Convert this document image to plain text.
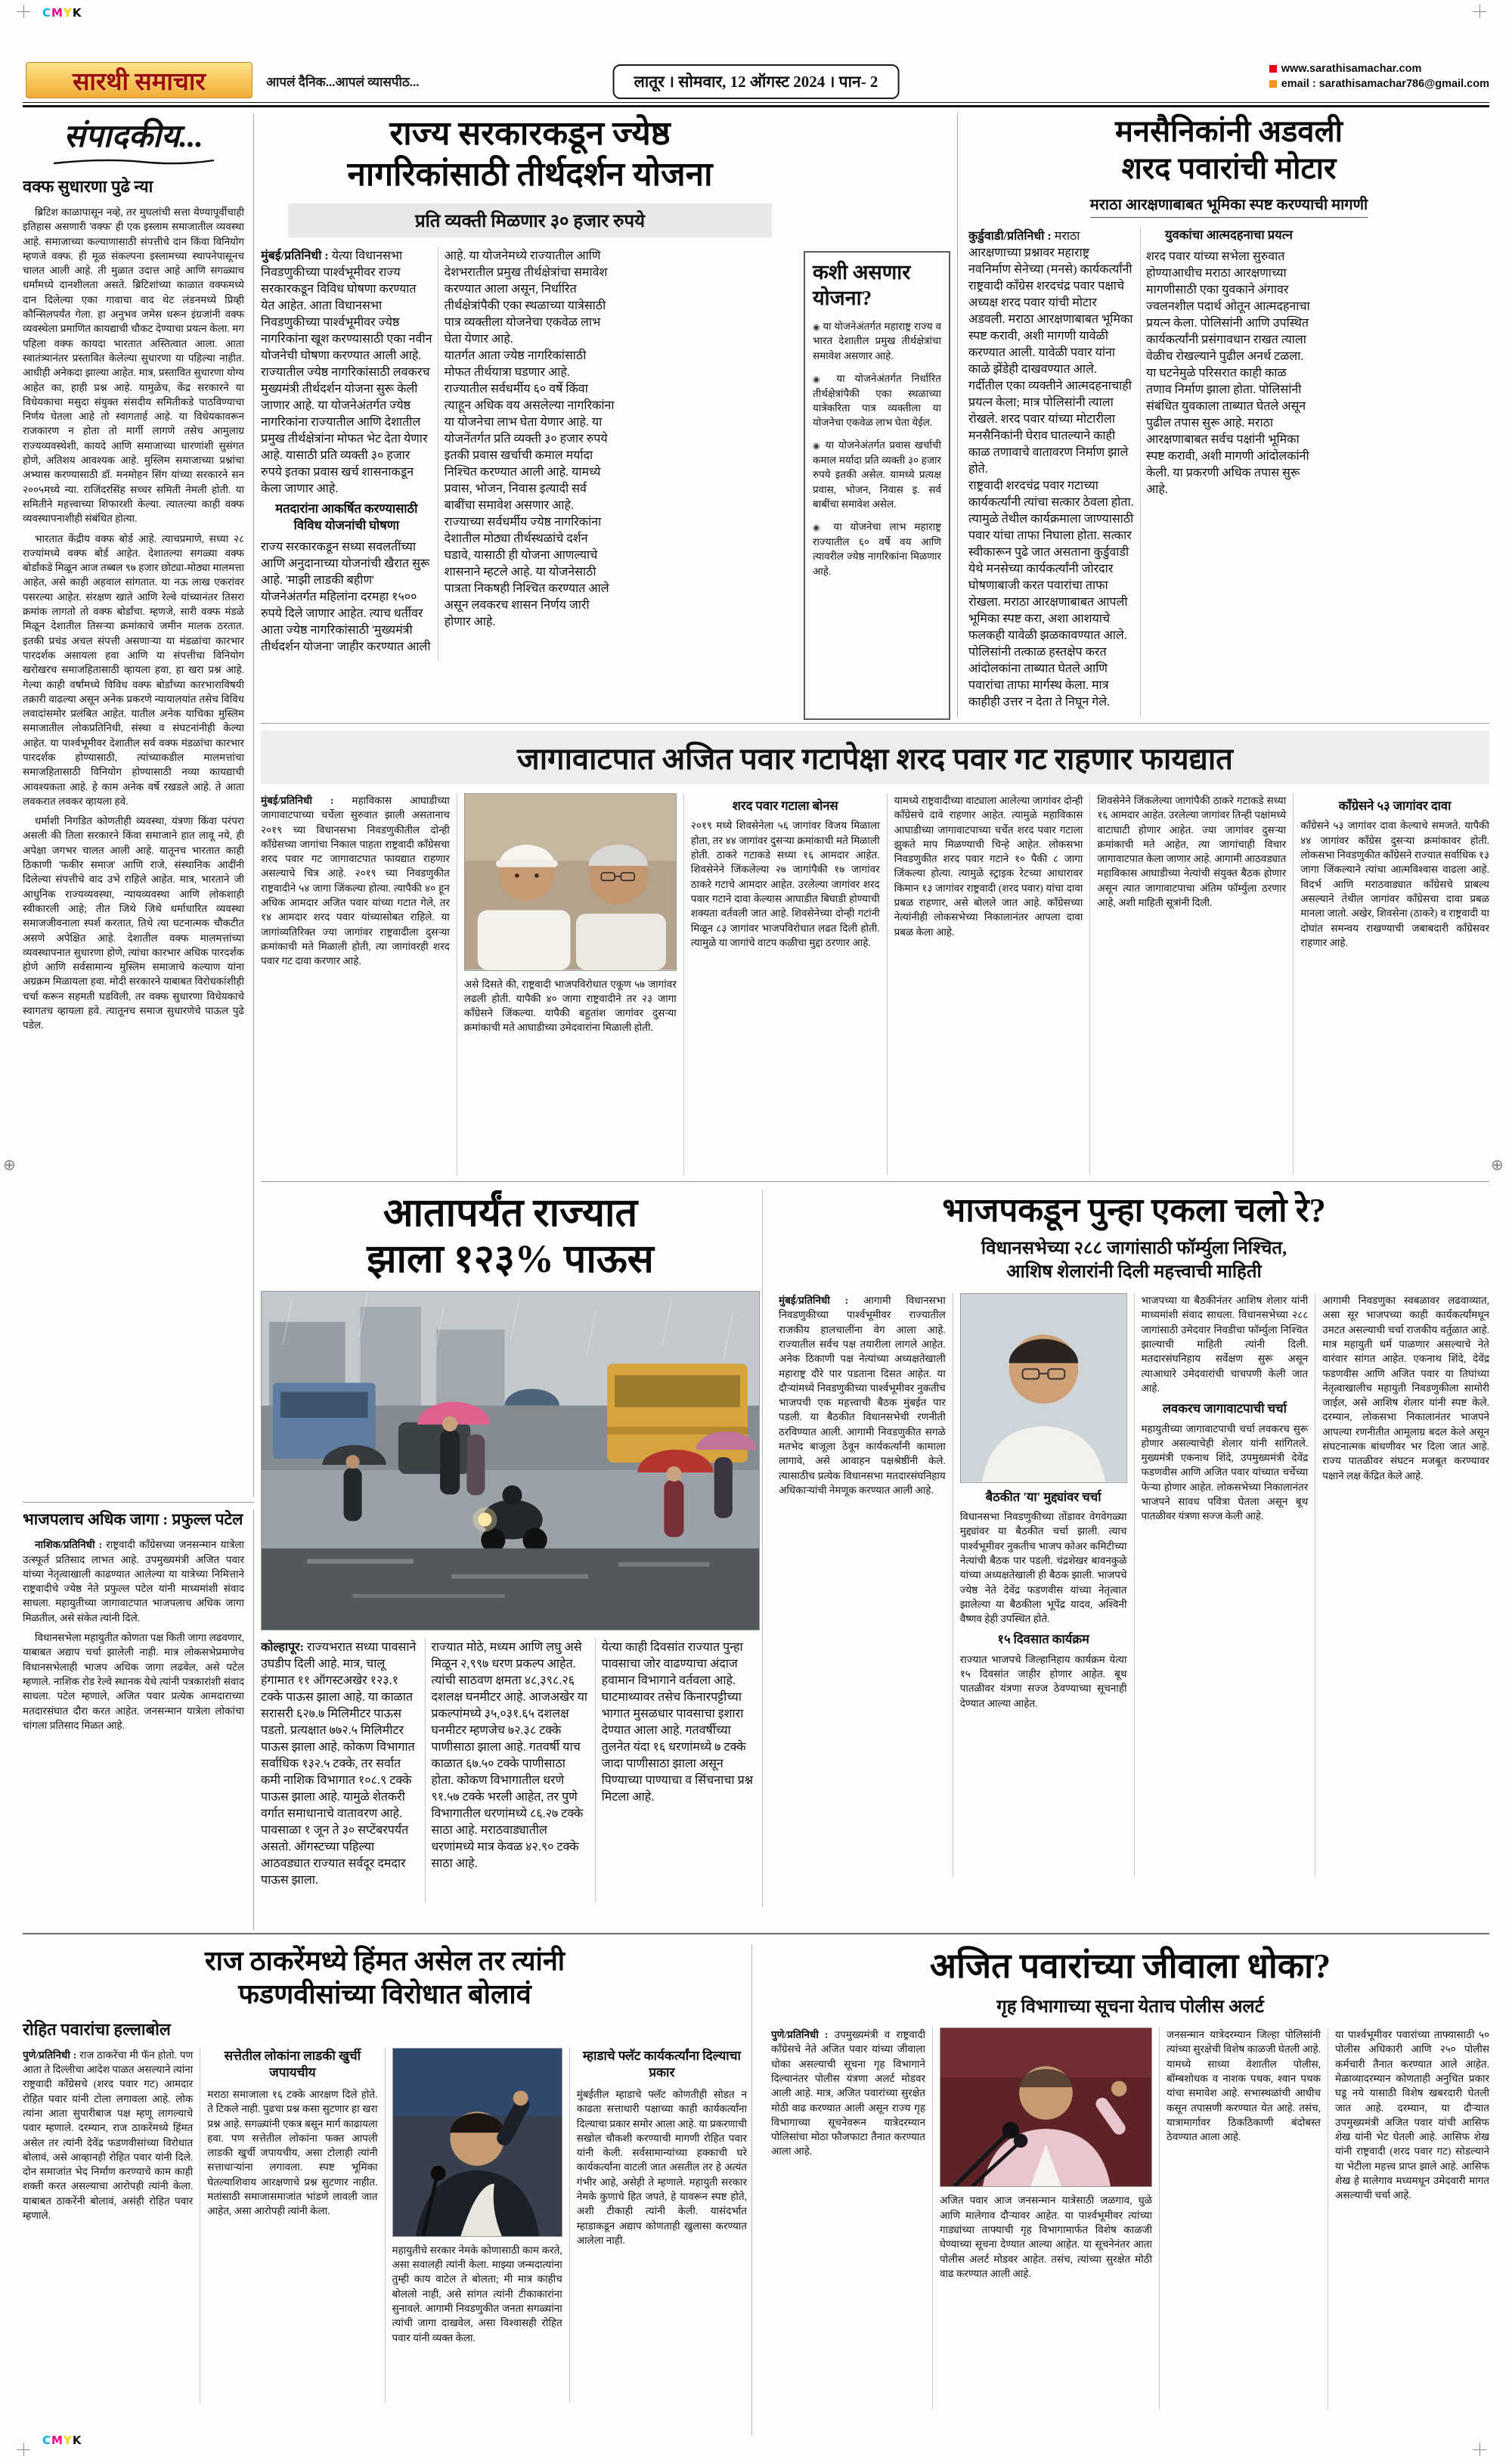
⊕
⊕
CMYK
सारथी समाचार	आपलं दैनिक...आपलं व्यासपीठ...	लातूर । सोमवार, 12 ऑगस्ट 2024 । पान- 2
www.sarathisamachar.com
email : sarathisamachar786@gmail.com
संपादकीय...
वक्फ सुधारणा पुढे न्या

ब्रिटिश काळापासून नव्हे, तर मुघलांची सत्ता येण्यापूर्वीचाही इतिहास असणारी 'वक्फ' ही एक इस्लाम समाजातील व्यवस्था आहे. समाजाच्या कल्याणासाठी संपत्तीचे दान किंवा विनियोग म्हणजे वक्फ. ही मूळ संकल्पना इस्लामच्या स्थापनेपासूनच चालत आली आहे. ती मुळात उदात्त आहे आणि सगळ्याच धर्मांमध्ये दानशीलता असते. ब्रिटिशांच्या काळात वक्फमध्ये दान दिलेल्या एका गावाचा वाद थेट लंडनमध्ये प्रिव्ही कौन्सिलपर्यंत गेला. हा अनुभव जमेस धरून इंग्रजांनी वक्फ व्यवस्थेला प्रमाणित कायद्याची चौकट देण्याचा प्रयत्न केला. मग पहिला वक्फ कायदा भारतात अस्तित्वात आला. आता स्वातंत्र्यानंतर प्रस्तावित केलेल्या सुधारणा या पहिल्या नाहीत. आधीही अनेकदा झाल्या आहेत. मात्र, प्रस्तावित सुधारणा योग्य आहेत का, हाही प्रश्न आहे. यामुळेच, केंद्र सरकारने या विधेयकाचा मसुदा संयुक्त संसदीय समितीकडे पाठविण्याचा निर्णय घेतला आहे तो स्वागतार्ह आहे. या विधेयकावरून राजकारण न होता तो मार्गी लागणे तसेच आमुलाग्र राज्यव्यवस्थेशी, कायदे आणि समाजाच्या धारणांशी सुसंगत होणे, अतिशय आवश्यक आहे. मुस्लिम समाजाच्या प्रश्नांचा अभ्यास करण्यासाठी डॉ. मनमोहन सिंग यांच्या सरकारने सन २००५मध्ये न्या. राजिंदरसिंह सच्चर समिती नेमली होती. या समितीने महत्त्वाच्या शिफारशी केल्या. त्यातल्या काही वक्फ व्यवस्थापनाशीही संबंधित होत्या.

भारतात केंद्रीय वक्फ बोर्ड आहे. त्याचप्रमाणे, सध्या २८ राज्यांमध्ये वक्फ बोर्ड आहेत. देशातल्या सगळ्या वक्फ बोर्डांकडे मिळून आज तब्बल ९७ हजार छोट्या-मोठ्या मालमत्ता आहेत, असे काही अहवाल सांगतात. या नऊ लाख एकरांवर पसरल्या आहेत. संरक्षण खाते आणि रेल्वे यांच्यानंतर तिसरा क्रमांक लागतो तो वक्फ बोर्डांचा. म्हणजे, सारी वक्फ मंडळे मिळून देशातील तिसऱ्या क्रमांकाचे जमीन मालक ठरतात. इतकी प्रचंड अचल संपत्ती असणाऱ्या या मंडळांचा कारभार पारदर्शक असायला हवा आणि या संपत्तीचा विनियोग खरोखरच समाजहितासाठी व्हायला हवा, हा खरा प्रश्न आहे. गेल्या काही वर्षांमध्ये विविध वक्फ बोर्डांच्या कारभाराविषयी तक्रारी वाढल्या असून अनेक प्रकरणे न्यायालयांत तसेच विविध लवादांसमोर प्रलंबित आहेत. यातील अनेक याचिका मुस्लिम समाजातील लोकप्रतिनिधी, संस्था व संघटनांनीही केल्या आहेत. या पार्श्वभूमीवर देशातील सर्व वक्फ मंडळांचा कारभार पारदर्शक होण्यासाठी, त्यांच्याकडील मालमत्तांचा समाजहितासाठी विनियोग होण्यासाठी नव्या कायद्याची आवश्यकता आहे. हे काम अनेक वर्षे रखडले आहे. ते आता लवकरात लवकर व्हायला हवे.

धर्माशी निगडित कोणतीही व्यवस्था, यंत्रणा किंवा परंपरा असली की तिला सरकारने किंवा समाजाने हात लावू नये, ही अपेक्षा जगभर चालत आली आहे. यातूनच भारतात काही ठिकाणी 'फकीर समाज' आणि राजे, संस्थानिक आदींनी दिलेल्या संपत्तीचे वाद उभे राहिले आहेत. मात्र, भारताने जी आधुनिक राज्यव्यवस्था, न्यायव्यवस्था आणि लोकशाही स्वीकारली आहे; तीत जिथे जिथे धर्माधारित व्यवस्था समाजजीवनाला स्पर्श करतात, तिथे त्या घटनात्मक चौकटीत असणे अपेक्षित आहे. देशातील वक्फ मालमत्तांच्या व्यवस्थापनात सुधारणा होणे, त्यांचा कारभार अधिक पारदर्शक होणे आणि सर्वसामान्य मुस्लिम समाजाचे कल्याण यांना अग्रक्रम मिळायला हवा. मोदी सरकारने याबाबत विरोधकांशीही चर्चा करून सहमती घडविली, तर वक्फ सुधारणा विधेयकाचे स्वागतच व्हायला हवे. त्यातूनच समाज सुधारणेचे पाऊल पुढे पडेल.

राज्य सरकारकडून ज्येष्ठ
नागरिकांसाठी तीर्थदर्शन योजना
प्रति व्यक्ती मिळणार ३० हजार रुपये

मुंबई/प्रतिनिधी : येत्या विधानसभा निवडणुकीच्या पार्श्वभूमीवर राज्य सरकारकडून विविध घोषणा करण्यात येत आहेत. आता विधानसभा निवडणुकीच्या पार्श्वभूमीवर ज्येष्ठ नागरिकांना खूश करण्यासाठी एका नवीन योजनेची घोषणा करण्यात आली आहे. राज्यातील ज्येष्ठ नागरिकांसाठी लवकरच मुख्यमंत्री तीर्थदर्शन योजना सुरू केली जाणार आहे. या योजनेअंतर्गत ज्येष्ठ नागरिकांना राज्यातील आणि देशातील प्रमुख तीर्थक्षेत्रांना मोफत भेट देता येणार आहे. यासाठी प्रति व्यक्ती ३० हजार रुपये इतका प्रवास खर्च शासनाकडून केला जाणार आहे.

मतदारांना आकर्षित करण्यासाठी विविध योजनांची घोषणा

राज्य सरकारकडून सध्या सवलतींच्या आणि अनुदानाच्या योजनांची खैरात सुरू आहे. 'माझी लाडकी बहीण' योजनेअंतर्गत महिलांना दरमहा १५०० रुपये दिले जाणार आहेत. त्याच धर्तीवर आता ज्येष्ठ नागरिकांसाठी 'मुख्यमंत्री तीर्थदर्शन योजना' जाहीर करण्यात आली आहे. या योजनेमध्ये राज्यातील आणि देशभरातील प्रमुख तीर्थक्षेत्रांचा समावेश करण्यात आला असून, निर्धारित तीर्थक्षेत्रांपैकी एका स्थळाच्या यात्रेसाठी पात्र व्यक्तीला योजनेचा एकवेळ लाभ घेता येणार आहे.

यातर्गत आता ज्येष्ठ नागरिकांसाठी मोफत तीर्थयात्रा घडणार आहे. राज्यातील सर्वधर्मीय ६० वर्षे किंवा त्याहून अधिक वय असलेल्या नागरिकांना या योजनेचा लाभ घेता येणार आहे. या योजनेंतर्गत प्रति व्यक्ती ३० हजार रुपये इतकी प्रवास खर्चाची कमाल मर्यादा निश्चित करण्यात आली आहे. यामध्ये प्रवास, भोजन, निवास इत्यादी सर्व बाबींचा समावेश असणार आहे. राज्याच्या सर्वधर्मीय ज्येष्ठ नागरिकांना देशातील मोठ्या तीर्थस्थळांचे दर्शन घडावे, यासाठी ही योजना आणल्याचे शासनाने म्हटले आहे. या योजनेसाठी पात्रता निकषही निश्चित करण्यात आले असून लवकरच शासन निर्णय जारी होणार आहे.

कशी असणार योजना?
◉ या योजनेअंतर्गत महाराष्ट्र राज्य व भारत देशातील प्रमुख तीर्थक्षेत्रांचा समावेश असणार आहे.
◉ या योजनेअंतर्गत निर्धारित तीर्थक्षेत्रांपैकी एका स्थळाच्या यात्रेकरिता पात्र व्यक्तीला या योजनेचा एकवेळ लाभ घेता येईल.
◉ या योजनेअंतर्गत प्रवास खर्चाची कमाल मर्यादा प्रति व्यक्ती ३० हजार रुपये इतकी असेल. यामध्ये प्रत्यक्ष प्रवास, भोजन, निवास इ. सर्व बाबींचा समावेश असेल.
◉ या योजनेचा लाभ महाराष्ट्र राज्यातील ६० वर्षे वय आणि त्यावरील ज्येष्ठ नागरिकांना मिळणार आहे.
मनसैनिकांनी अडवली
शरद पवारांची मोटार
मराठा आरक्षणाबाबत भूमिका स्पष्ट करण्याची मागणी

कुर्डुवाडी/प्रतिनिधी : मराठा आरक्षणाच्या प्रश्नावर महाराष्ट्र नवनिर्माण सेनेच्या (मनसे) कार्यकर्त्यांनी राष्ट्रवादी काँग्रेस शरदचंद्र पवार पक्षाचे अध्यक्ष शरद पवार यांची मोटार अडवली. मराठा आरक्षणाबाबत भूमिका स्पष्ट करावी, अशी मागणी यावेळी करण्यात आली. यावेळी पवार यांना काळे झेंडेही दाखवण्यात आले. गर्दीतील एका व्यक्तीने आत्मदहनाचाही प्रयत्न केला; मात्र पोलिसांनी त्याला रोखले. शरद पवार यांच्या मोटारीला मनसैनिकांनी घेराव घातल्याने काही काळ तणावाचे वातावरण निर्माण झाले होते.

राष्ट्रवादी शरदचंद्र पवार गटाच्या कार्यकर्त्यांनी त्यांचा सत्कार ठेवला होता. त्यामुळे तेथील कार्यक्रमाला जाण्यासाठी पवार यांचा ताफा निघाला होता. सत्कार स्वीकारून पुढे जात असताना कुर्डुवाडी येथे मनसेच्या कार्यकर्त्यांनी जोरदार घोषणाबाजी करत पवारांचा ताफा रोखला. मराठा आरक्षणाबाबत आपली भूमिका स्पष्ट करा, अशा आशयाचे फलकही यावेळी झळकावण्यात आले. पोलिसांनी तत्काळ हस्तक्षेप करत आंदोलकांना ताब्यात घेतले आणि पवारांचा ताफा मार्गस्थ केला. मात्र काहीही उत्तर न देता ते निघून गेले.

युवकांचा आत्मदहनाचा प्रयत्न

शरद पवार यांच्या सभेला सुरुवात होण्याआधीच मराठा आरक्षणाच्या मागणीसाठी एका युवकाने अंगावर ज्वलनशील पदार्थ ओतून आत्मदहनाचा प्रयत्न केला. पोलिसांनी आणि उपस्थित कार्यकर्त्यांनी प्रसंगावधान राखत त्याला वेळीच रोखल्याने पुढील अनर्थ टळला. या घटनेमुळे परिसरात काही काळ तणाव निर्माण झाला होता. पोलिसांनी संबंधित युवकाला ताब्यात घेतले असून पुढील तपास सुरू आहे. मराठा आरक्षणाबाबत सर्वच पक्षांनी भूमिका स्पष्ट करावी, अशी मागणी आंदोलकांनी केली. या प्रकरणी अधिक तपास सुरू आहे.

जागावाटपात अजित पवार गटापेक्षा शरद पवार गट राहणार फायद्यात

मुंबई/प्रतिनिधी : महाविकास आघाडीच्या जागावाटपाच्या चर्चेला सुरुवात झाली असतानाच २०१९ च्या विधानसभा निवडणुकीतील दोन्ही काँग्रेसच्या जागांचा निकाल पाहता राष्ट्रवादी काँग्रेसचा शरद पवार गट जागावाटपात फायद्यात राहणार असल्याचे चित्र आहे. २०१९ च्या निवडणुकीत राष्ट्रवादीने ५४ जागा जिंकल्या होत्या. त्यापैकी ४० हून अधिक आमदार अजित पवार यांच्या गटात गेले, तर १४ आमदार शरद पवार यांच्यासोबत राहिले. या जागांव्यतिरिक्त ज्या जागांवर राष्ट्रवादीला दुसऱ्या क्रमांकाची मते मिळाली होती, त्या जागांवरही शरद पवार गट दावा करणार आहे.

असे दिसते की, राष्ट्रवादी भाजपविरोधात एकूण ५७ जागांवर लढली होती. यापैकी ४० जागा राष्ट्रवादीने तर २३ जागा काँग्रेसने जिंकल्या. यापैकी बहुतांश जागांवर दुसऱ्या क्रमांकाची मते आघाडीच्या उमेदवारांना मिळाली होती.

शरद पवार गटाला बोनस

२०१९ मध्ये शिवसेनेला ५६ जागांवर विजय मिळाला होता, तर ४४ जागांवर दुसऱ्या क्रमांकाची मते मिळाली होती. ठाकरे गटाकडे सध्या १६ आमदार आहेत. शिवसेनेने जिंकलेल्या २७ जागांपैकी १७ जागांवर ठाकरे गटाचे आमदार आहेत. उरलेल्या जागांवर शरद पवार गटाने दावा केल्यास आघाडीत बिघाडी होण्याची शक्यता वर्तवली जात आहे. शिवसेनेच्या दोन्ही गटांनी मिळून ८३ जागांवर भाजपविरोधात लढत दिली होती. त्यामुळे या जागांचे वाटप कळीचा मुद्दा ठरणार आहे.

यामध्ये राष्ट्रवादीच्या वाट्याला आलेल्या जागांवर दोन्ही काँग्रेसचे दावे राहणार आहेत. त्यामुळे महाविकास आघाडीच्या जागावाटपाच्या चर्चेत शरद पवार गटाला झुकते माप मिळण्याची चिन्हे आहेत. लोकसभा निवडणुकीत शरद पवार गटाने १० पैकी ८ जागा जिंकल्या होत्या. त्यामुळे स्ट्राइक रेटच्या आधारावर किमान १३ जागांवर राष्ट्रवादी (शरद पवार) यांचा दावा प्रबळ राहणार, असे बोलले जात आहे. काँग्रेसच्या नेत्यांनीही लोकसभेच्या निकालानंतर आपला दावा प्रबळ केला आहे.

शिवसेनेने जिंकलेल्या जागांपैकी ठाकरे गटाकडे सध्या १६ आमदार आहेत. उरलेल्या जागांवर तिन्ही पक्षांमध्ये वाटाघाटी होणार आहेत. ज्या जागांवर दुसऱ्या क्रमांकाची मते आहेत, त्या जागांचाही विचार जागावाटपात केला जाणार आहे. आगामी आठवड्यात महाविकास आघाडीच्या नेत्यांची संयुक्त बैठक होणार असून त्यात जागावाटपाचा अंतिम फॉर्म्युला ठरणार आहे, अशी माहिती सूत्रांनी दिली.

कॉंग्रेसने ५३ जागांवर दावा

कॉंग्रेसने ५३ जागांवर दावा केल्याचे समजते. यापैकी ४४ जागांवर काँग्रेस दुसऱ्या क्रमांकावर होती. लोकसभा निवडणुकीत काँग्रेसने राज्यात सर्वाधिक १३ जागा जिंकल्याने त्यांचा आत्मविश्वास वाढला आहे. विदर्भ आणि मराठवाड्यात काँग्रेसचे प्राबल्य असल्याने तेथील जागांवर काँग्रेसचा दावा प्रबळ मानला जातो. अखेर, शिवसेना (ठाकरे) व राष्ट्रवादी या दोघांत समन्वय राखण्याची जबाबदारी काँग्रेसवर राहणार आहे.

आतापर्यंत राज्यात
झाला १२३% पाऊस

कोल्हापूर: राज्यभरात सध्या पावसाने उघडीप दिली आहे. मात्र, चालू हंगामात ११ ऑगस्टअखेर १२३.१ टक्के पाऊस झाला आहे. या काळात सरासरी ६२७.७ मिलिमीटर पाऊस पडतो. प्रत्यक्षात ७७२.५ मिलिमीटर पाऊस झाला आहे. कोकण विभागात सर्वाधिक १३२.५ टक्के, तर सर्वात कमी नाशिक विभागात १०८.९ टक्के पाऊस झाला आहे. यामुळे शेतकरी वर्गात समाधानाचे वातावरण आहे. पावसाळा १ जून ते ३० सप्टेंबरपर्यंत असतो. ऑगस्टच्या पहिल्या आठवड्यात राज्यात सर्वदूर दमदार पाऊस झाला.

राज्यात मोठे, मध्यम आणि लघु असे मिळून २,९९७ धरण प्रकल्प आहेत. त्यांची साठवण क्षमता ४८,३९८.२६ दशलक्ष घनमीटर आहे. आजअखेर या प्रकल्पांमध्ये ३५,०३१.६५ दशलक्ष घनमीटर म्हणजेच ७२.३८ टक्के पाणीसाठा झाला आहे. गतवर्षी याच काळात ६७.५० टक्के पाणीसाठा होता. कोकण विभागातील धरणे ९१.५७ टक्के भरली आहेत, तर पुणे विभागातील धरणांमध्ये ८६.२७ टक्के साठा आहे. मराठवाड्यातील धरणांमध्ये मात्र केवळ ४२.९० टक्के साठा आहे.

येत्या काही दिवसांत राज्यात पुन्हा पावसाचा जोर वाढण्याचा अंदाज हवामान विभागाने वर्तवला आहे. घाटमाथ्यावर तसेच किनारपट्टीच्या भागात मुसळधार पावसाचा इशारा देण्यात आला आहे. गतवर्षीच्या तुलनेत यंदा १६ धरणांमध्ये ७ टक्के जादा पाणीसाठा झाला असून पिण्याच्या पाण्याचा व सिंचनाचा प्रश्न मिटला आहे.

भाजपकडून पुन्हा एकला चलो रे?
विधानसभेच्या २८८ जागांसाठी फॉर्म्युला निश्चित,
आशिष शेलारांनी दिली महत्त्वाची माहिती

मुंबई/प्रतिनिधी : आगामी विधानसभा निवडणुकीच्या पार्श्वभूमीवर राज्यातील राजकीय हालचालींना वेग आला आहे. राज्यातील सर्वच पक्ष तयारीला लागले आहेत. अनेक ठिकाणी पक्ष नेत्यांच्या अध्यक्षतेखाली महाराष्ट्र दौरे पार पडताना दिसत आहेत. या दौऱ्यांमध्ये निवडणुकीच्या पार्श्वभूमीवर नुकतीच भाजपची एक महत्त्वाची बैठक मुंबईत पार पडली. या बैठकीत विधानसभेची रणनीती ठरविण्यात आली. आगामी निवडणुकीत सगळे मतभेद बाजूला ठेवून कार्यकर्त्यांनी कामाला लागावे, असे आवाहन पक्षश्रेष्ठींनी केले. त्यासाठीच प्रत्येक विधानसभा मतदारसंघनिहाय अधिकाऱ्यांची नेमणूक करण्यात आली आहे.	बैठकीत 'या' मुद्द्यांवर चर्चा

विधानसभा निवडणुकीच्या तोंडावर वेगवेगळ्या मुद्द्यांवर या बैठकीत चर्चा झाली. त्याच पार्श्वभूमीवर नुकतीच भाजप कोअर कमिटीच्या नेत्यांची बैठक पार पडली. चंद्रशेखर बावनकुळे यांच्या अध्यक्षतेखाली ही बैठक झाली. भाजपचे ज्येष्ठ नेते देवेंद्र फडणवीस यांच्या नेतृत्वात झालेल्या या बैठकीला भूपेंद्र यादव, अश्विनी वैष्णव हेही उपस्थित होते.

१५ दिवसात कार्यक्रम

राज्यात भाजपचे जिल्हानिहाय कार्यक्रम येत्या १५ दिवसांत जाहीर होणार आहेत. बूथ पातळीवर यंत्रणा सज्ज ठेवण्याच्या सूचनाही देण्यात आल्या आहेत.

भाजपच्या या बैठकीनंतर आशिष शेलार यांनी माध्यमांशी संवाद साधला. विधानसभेच्या २८८ जागांसाठी उमेदवार निवडीचा फॉर्म्युला निश्चित झाल्याची माहिती त्यांनी दिली. मतदारसंघनिहाय सर्वेक्षण सुरू असून त्याआधारे उमेदवारांची चाचपणी केली जात आहे.

लवकरच जागावाटपाची चर्चा

महायुतीच्या जागावाटपाची चर्चा लवकरच सुरू होणार असल्याचेही शेलार यांनी सांगितले. मुख्यमंत्री एकनाथ शिंदे, उपमुख्यमंत्री देवेंद्र फडणवीस आणि अजित पवार यांच्यात चर्चेच्या फेऱ्या होणार आहेत. लोकसभेच्या निकालानंतर भाजपने सावध पवित्रा घेतला असून बूथ पातळीवर यंत्रणा सज्ज केली आहे.

आगामी निवडणुका स्वबळावर लढवाव्यात, असा सूर भाजपच्या काही कार्यकर्त्यांमधून उमटत असल्याची चर्चा राजकीय वर्तुळात आहे. मात्र महायुती धर्म पाळणार असल्याचे नेते वारंवार सांगत आहेत. एकनाथ शिंदे, देवेंद्र फडणवीस आणि अजित पवार या तिघांच्या नेतृत्वाखालीच महायुती निवडणुकीला सामोरी जाईल, असे आशिष शेलार यांनी स्पष्ट केले. दरम्यान, लोकसभा निकालानंतर भाजपने आपल्या रणनीतीत आमूलाग्र बदल केले असून संघटनात्मक बांधणीवर भर दिला जात आहे. राज्य पातळीवर संघटन मजबूत करण्यावर पक्षाने लक्ष केंद्रित केले आहे.

भाजपलाच अधिक जागा : प्रफुल्ल पटेल

नाशिक/प्रतिनिधी : राष्ट्रवादी काँग्रेसच्या जनसन्मान यात्रेला उत्स्फूर्त प्रतिसाद लाभत आहे. उपमुख्यमंत्री अजित पवार यांच्या नेतृत्वाखाली काढण्यात आलेल्या या यात्रेच्या निमित्ताने राष्ट्रवादीचे ज्येष्ठ नेते प्रफुल्ल पटेल यांनी माध्यमांशी संवाद साधला. महायुतीच्या जागावाटपात भाजपलाच अधिक जागा मिळतील, असे संकेत त्यांनी दिले.

विधानसभेला महायुतीत कोणता पक्ष किती जागा लढवणार, याबाबत अद्याप चर्चा झालेली नाही. मात्र लोकसभेप्रमाणेच विधानसभेलाही भाजप अधिक जागा लढवेल, असे पटेल म्हणाले. नाशिक रोड रेल्वे स्थानक येथे त्यांनी पत्रकारांशी संवाद साधला. पटेल म्हणाले, अजित पवार प्रत्येक आमदाराच्या मतदारसंघात दौरा करत आहेत. जनसन्मान यात्रेला लोकांचा चांगला प्रतिसाद मिळत आहे.

राज ठाकरेंमध्ये हिंमत असेल तर त्यांनी
फडणवीसांच्या विरोधात बोलावं
रोहित पवारांचा हल्लाबोल

पुणे/प्रतिनिधी : राज ठाकरेंचा मी फॅन होतो. पण आता ते दिल्लीचा आदेश पाळत असल्याने त्यांना राष्ट्रवादी काँग्रेसचे (शरद पवार गट) आमदार रोहित पवार यांनी टोला लगावला आहे. लोक त्यांना आता सुपारीबाज पक्ष म्हणू लागल्याचे पवार म्हणाले. दरम्यान, राज ठाकरेंमध्ये हिंमत असेल तर त्यांनी देवेंद्र फडणवीसांच्या विरोधात बोलावं, असे आव्हानही रोहित पवार यांनी दिले. दोन समाजांत भेद निर्माण करण्याचे काम काही शक्ती करत असल्याचा आरोपही त्यांनी केला. याबाबत ठाकरेंनी बोलावं, असंही रोहित पवार म्हणाले.

सत्तेतील लोकांना लाडकी खुर्ची जपायचीय

मराठा समाजाला १६ टक्के आरक्षण दिले होते. ते टिकले नाही. पुढचा प्रश्न कसा सुटणार हा खरा प्रश्न आहे. सगळ्यांनी एकत्र बसून मार्ग काढायला हवा. पण सत्तेतील लोकांना फक्त आपली लाडकी खुर्ची जपायचीय, असा टोलाही त्यांनी सत्ताधाऱ्यांना लगावला. स्पष्ट भूमिका घेतल्याशिवाय आरक्षणाचे प्रश्न सुटणार नाहीत. मतांसाठी समाजासमाजांत भांडणे लावली जात आहेत, असा आरोपही त्यांनी केला.

महायुतीचे सरकार नेमके कोणासाठी काम करते, असा सवालही त्यांनी केला. माझ्या जन्मदात्यांना तुम्ही काय वाटेल ते बोलता; मी मात्र काहीच बोललो नाही, असे सांगत त्यांनी टीकाकारांना सुनावले. आगामी निवडणुकीत जनता सगळ्यांना त्यांची जागा दाखवेल, असा विश्वासही रोहित पवार यांनी व्यक्त केला.

म्हाडाचे फ्लॅट कार्यकर्त्यांना दिल्याचा प्रकार

मुंबईतील म्हाडाचे फ्लॅट कोणतीही सोडत न काढता सत्ताधारी पक्षाच्या काही कार्यकर्त्यांना दिल्याचा प्रकार समोर आला आहे. या प्रकरणाची सखोल चौकशी करण्याची मागणी रोहित पवार यांनी केली. सर्वसामान्यांच्या हक्काची घरे कार्यकर्त्यांना वाटली जात असतील तर हे अत्यंत गंभीर आहे, असेही ते म्हणाले. महायुती सरकार नेमके कुणाचे हित जपते, हे यावरून स्पष्ट होते, अशी टीकाही त्यांनी केली. यासंदर्भात म्हाडाकडून अद्याप कोणताही खुलासा करण्यात आलेला नाही.

अजित पवारांच्या जीवाला धोका?
गृह विभागाच्या सूचना येताच पोलीस अलर्ट

पुणे/प्रतिनिधी : उपमुख्यमंत्री व राष्ट्रवादी काँग्रेसचे नेते अजित पवार यांच्या जीवाला धोका असल्याची सूचना गृह विभागाने दिल्यानंतर पोलीस यंत्रणा अलर्ट मोडवर आली आहे. मात्र, अजित पवारांच्या सुरक्षेत मोठी वाढ करण्यात आली असून राज्य गृह विभागाच्या सूचनेवरून यात्रेदरम्यान पोलिसांचा मोठा फौजफाटा तैनात करण्यात आला आहे.

अजित पवार आज जनसन्मान यात्रेसाठी जळगाव, धुळे आणि मालेगाव दौऱ्यावर आहेत. या पार्श्वभूमीवर त्यांच्या गाड्यांच्या ताफ्याची गृह विभागामार्फत विशेष काळजी घेण्याच्या सूचना देण्यात आल्या आहेत. या सूचनेनंतर आता पोलीस अलर्ट मोडवर आहेत. तसंच, त्यांच्या सुरक्षेत मोठी वाढ करण्यात आली आहे.

जनसन्मान यात्रेदरम्यान जिल्हा पोलिसांनी त्यांच्या सुरक्षेची विशेष काळजी घेतली आहे. यामध्ये साध्या वेशातील पोलीस, बॉम्बशोधक व नाशक पथक, श्वान पथक यांचा समावेश आहे. सभास्थळांची आधीच कसून तपासणी करण्यात येत आहे. तसंच, यात्रामार्गावर ठिकठिकाणी बंदोबस्त ठेवण्यात आला आहे.

या पार्श्वभूमीवर पवारांच्या ताफ्यासाठी ५० पोलीस अधिकारी आणि २५० पोलीस कर्मचारी तैनात करण्यात आले आहेत. मेळाव्यादरम्यान कोणताही अनुचित प्रकार घडू नये यासाठी विशेष खबरदारी घेतली जात आहे. दरम्यान, या दौऱ्यात उपमुख्यमंत्री अजित पवार यांची आसिफ शेख यांनी भेट घेतली आहे. आसिफ शेख यांनी राष्ट्रवादी (शरद पवार गट) सोडल्याने या भेटीला महत्त्व प्राप्त झाले आहे. आसिफ शेख हे मालेगाव मध्यमधून उमेदवारी मागत असल्याची चर्चा आहे.

CMYK
